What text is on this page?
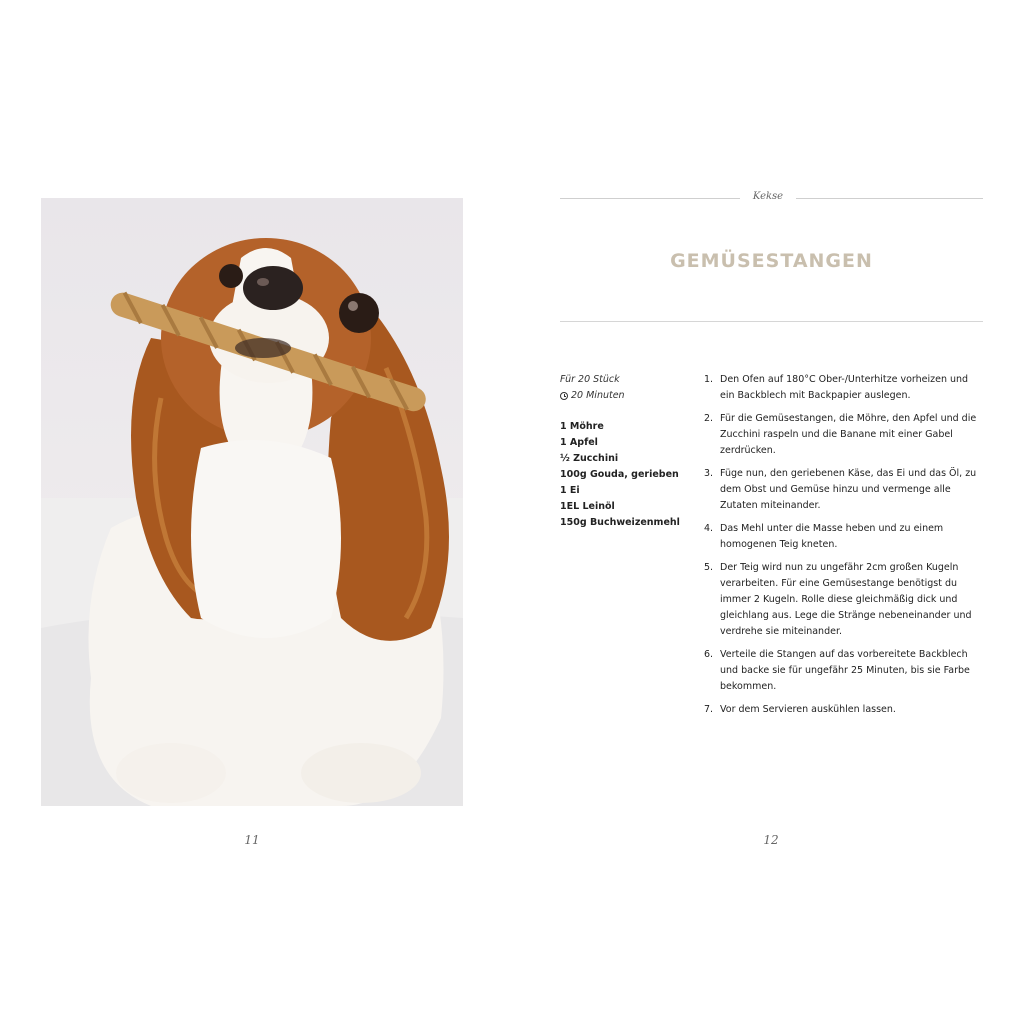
11
Kekse
GEMÜSESTANGEN
Für 20 Stück
20 Minuten
1 Möhre
1 Apfel
½ Zucchini
100g Gouda, gerieben
1 Ei
1EL Leinöl
150g Buchweizenmehl
1. Den Ofen auf 180°C Ober-/Unterhitze vorheizen und ein Backblech mit Backpapier auslegen.
2. Für die Gemüsestangen, die Möhre, den Apfel und die Zucchini raspeln und die Banane mit einer Gabel zerdrücken.
3. Füge nun, den geriebenen Käse, das Ei und das Öl, zu dem Obst und Gemüse hinzu und vermenge alle Zutaten miteinander.
4. Das Mehl unter die Masse heben und zu einem homogenen Teig kneten.
5. Der Teig wird nun zu ungefähr 2cm großen Kugeln verarbeiten. Für eine Gemüsestange benötigst du immer 2 Kugeln. Rolle diese gleichmäßig dick und gleichlang aus. Lege die Stränge nebeneinander und verdrehe sie miteinander.
6. Verteile die Stangen auf das vorbereitete Backblech und backe sie für ungefähr 25 Minuten, bis sie Farbe bekommen.
7. Vor dem Servieren auskühlen lassen.
12
